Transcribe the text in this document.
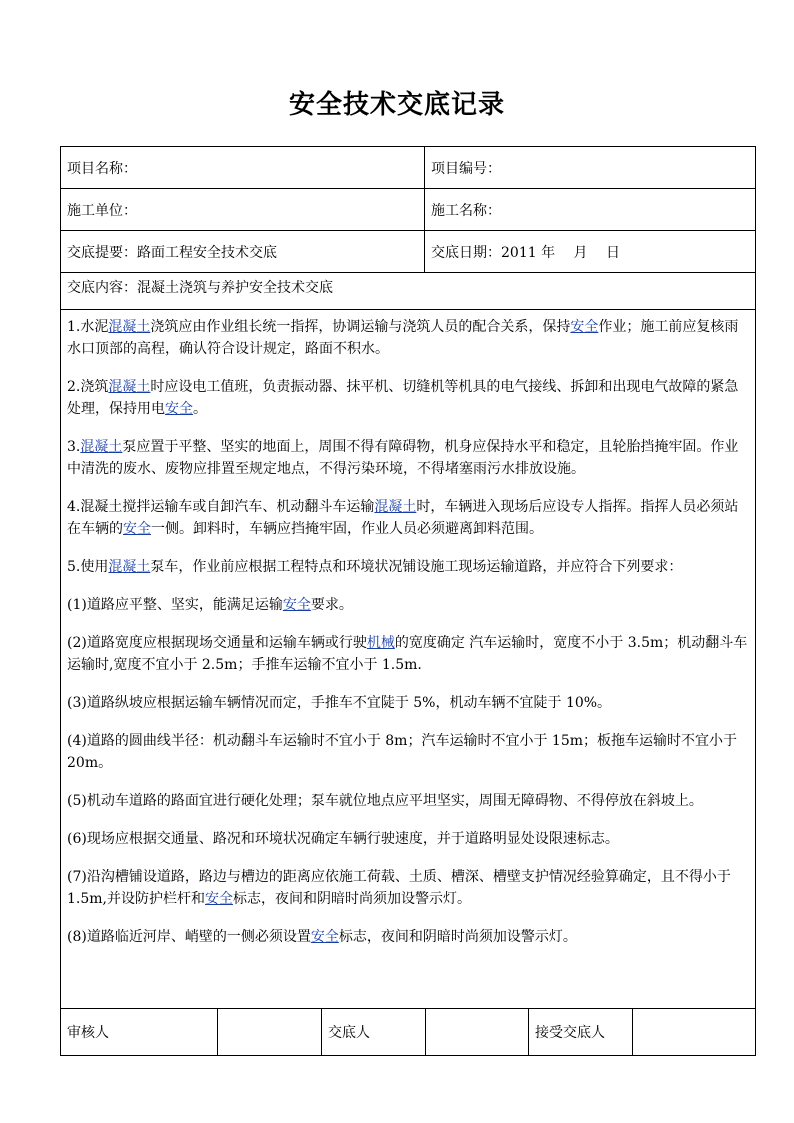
安全技术交底记录
项目名称：	项目编号：
施工单位：	施工名称：
交底提要：路面工程安全技术交底	交底日期：2011 年　 月　 日
交底内容：混凝土浇筑与养护安全技术交底
1.水泥混凝土浇筑应由作业组长统一指挥，协调运输与浇筑人员的配合关系，保持安全作业；施工前应复核雨水口顶部的高程，确认符合设计规定，路面不积水。
2.浇筑混凝土时应设电工值班，负责振动器、抹平机、切缝机等机具的电气接线、拆卸和出现电气故障的紧急处理，保持用电安全。
3.混凝土泵应置于平整、坚实的地面上，周围不得有障碍物，机身应保持水平和稳定，且轮胎挡掩牢固。作业中清洗的废水、废物应排置至规定地点，不得污染环境，不得堵塞雨污水排放设施。
4.混凝土搅拌运输车或自卸汽车、机动翻斗车运输混凝土时，车辆进入现场后应设专人指挥。指挥人员必须站在车辆的安全一侧。卸料时，车辆应挡掩牢固，作业人员必须避离卸料范围。
5.使用混凝土泵车，作业前应根据工程特点和环境状况铺设施工现场运输道路，并应符合下列要求：
(1)道路应平整、坚实，能满足运输安全要求。
(2)道路宽度应根据现场交通量和运输车辆或行驶机械的宽度确定 汽车运输时，宽度不小于 3.5m；机动翻斗车运输时,宽度不宜小于 2.5m；手推车运输不宜小于 1.5m.
(3)道路纵坡应根据运输车辆情况而定，手推车不宜陡于 5%，机动车辆不宜陡于 10%。
(4)道路的圆曲线半径：机动翻斗车运输时不宜小于 8m；汽车运输时不宜小于 15m；板拖车运输时不宜小于 20m。
(5)机动车道路的路面宜进行硬化处理；泵车就位地点应平坦坚实，周围无障碍物、不得停放在斜坡上。
(6)现场应根据交通量、路况和环境状况确定车辆行驶速度，并于道路明显处设限速标志。
(7)沿沟槽铺设道路，路边与槽边的距离应依施工荷载、土质、槽深、槽壁支护情况经验算确定，且不得小于 1.5m,并设防护栏杆和安全标志，夜间和阴暗时尚须加设警示灯。
(8)道路临近河岸、峭壁的一侧必须设置安全标志，夜间和阴暗时尚须加设警示灯。
审核人	交底人	接受交底人
